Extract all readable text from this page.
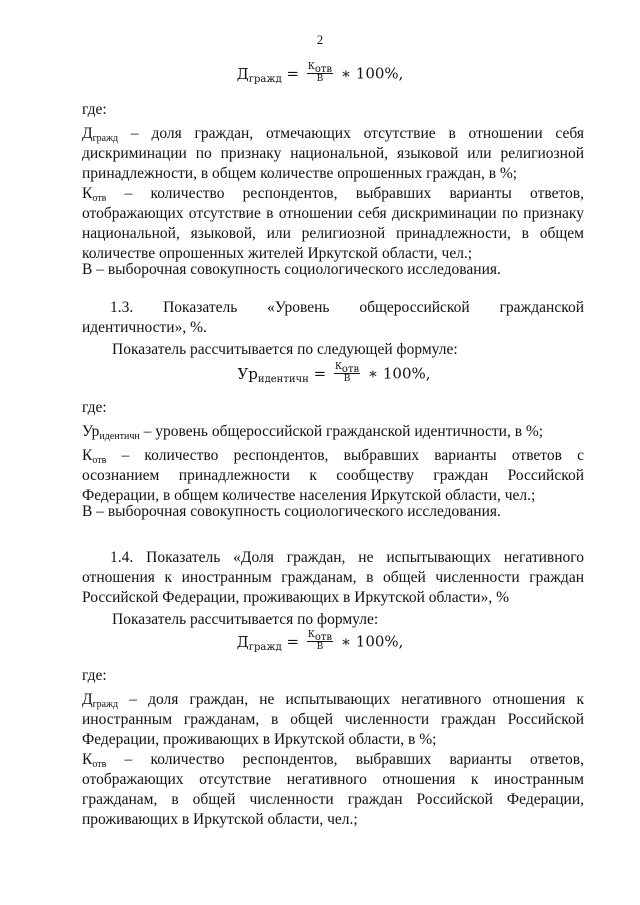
2
$Д_{гражд} = \frac{К_{отв}}{В}$ ∗ 100%,
где:
$Д_{гражд}$ – доля граждан, отмечающих отсутствие в отношении себя дискриминации по признаку национальной, языковой или религиозной принадлежности, в общем количестве опрошенных граждан, в %;
$К_{отв}$ – количество респондентов, выбравших варианты ответов, отображающих отсутствие в отношении себя дискриминации по признаку национальной, языковой, или религиозной принадлежности, в общем количестве опрошенных жителей Иркутской области, чел.;
В – выборочная совокупность социологического исследования.
1.3. Показатель «Уровень общероссийской гражданской идентичности», %.
Показатель рассчитывается по следующей формуле:
$Ур_{идентичн} = \frac{К_{отв}}{В}$ ∗ 100%,
где:
$Ур_{идентичн}$ – уровень общероссийской гражданской идентичности, в %;
$К_{отв}$ – количество респондентов, выбравших варианты ответов с осознанием принадлежности к сообществу граждан Российской Федерации, в общем количестве населения Иркутской области, чел.;
В – выборочная совокупность социологического исследования.
1.4. Показатель «Доля граждан, не испытывающих негативного отношения к иностранным гражданам, в общей численности граждан Российской Федерации, проживающих в Иркутской области», %
Показатель рассчитывается по формуле:
$Д_{гражд} = \frac{К_{отв}}{В}$ ∗ 100%,
где:
$Д_{гражд}$ – доля граждан, не испытывающих негативного отношения к иностранным гражданам, в общей численности граждан Российской Федерации, проживающих в Иркутской области, в %;
$К_{отв}$ – количество респондентов, выбравших варианты ответов, отображающих отсутствие негативного отношения к иностранным гражданам, в общей численности граждан Российской Федерации, проживающих в Иркутской области, чел.;
